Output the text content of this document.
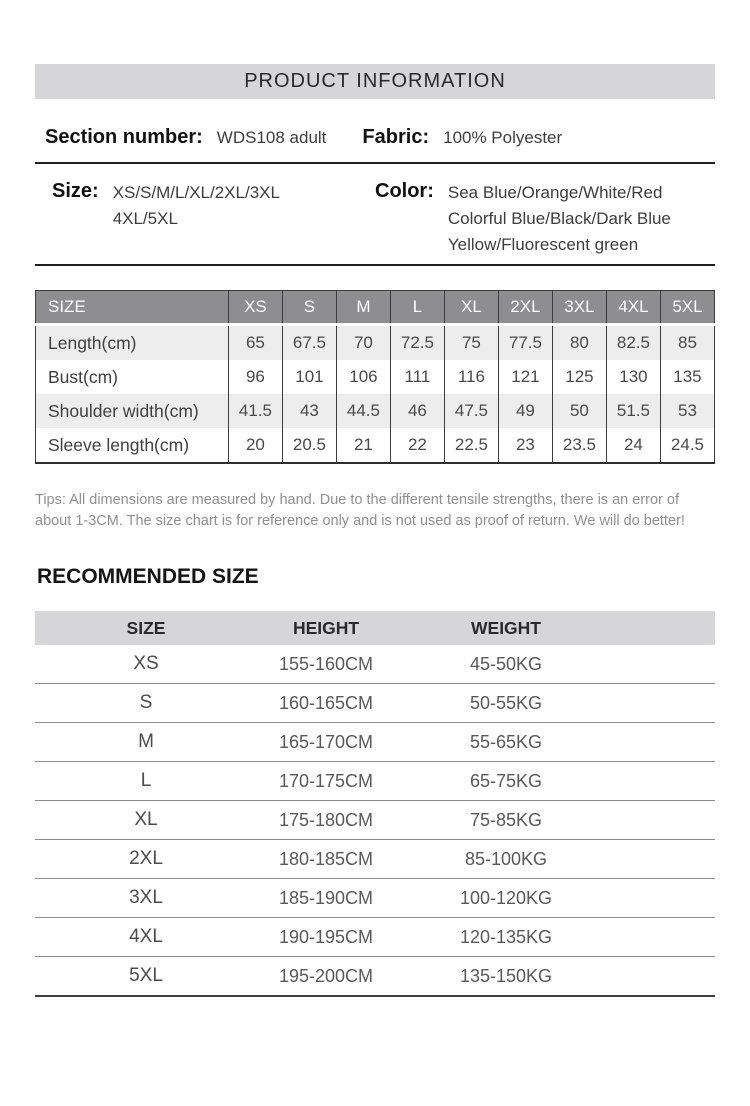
PRODUCT INFORMATION
Section number: WDS108 adult Fabric: 100% Polyester
Size: XS/S/M/L/XL/2XL/3XL
4XL/5XL
Color: Sea Blue/Orange/White/Red
Colorful Blue/Black/Dark Blue
Yellow/Fluorescent green
SIZE	XS	S	M	L	XL	2XL	3XL	4XL	5XL
Length(cm)	65	67.5	70	72.5	75	77.5	80	82.5	85
Bust(cm)	96	101	106	111	116	121	125	130	135
Shoulder width(cm)	41.5	43	44.5	46	47.5	49	50	51.5	53
Sleeve length(cm)	20	20.5	21	22	22.5	23	23.5	24	24.5

Tips: All dimensions are measured by hand. Due to the different tensile strengths, there is an error of about 1-3CM. The size chart is for reference only and is not used as proof of return. We will do better!

RECOMMENDED SIZE
SIZE	HEIGHT	WEIGHT
XS	155-160CM	45-50KG
S	160-165CM	50-55KG
M	165-170CM	55-65KG
L	170-175CM	65-75KG
XL	175-180CM	75-85KG
2XL	180-185CM	85-100KG
3XL	185-190CM	100-120KG
4XL	190-195CM	120-135KG
5XL	195-200CM	135-150KG
